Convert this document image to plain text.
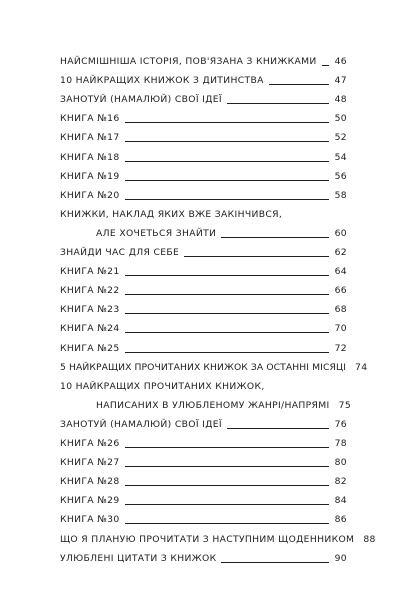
НАЙСМІШНІША ІСТОРІЯ, ПОВ'ЯЗАНА З КНИЖКАМИ 46
10 НАЙКРАЩИХ КНИЖОК З ДИТИНСТВА	47
ЗАНОТУЙ (НАМАЛЮЙ) СВОЇ ІДЕЇ	48
КНИГА №16	50
КНИГА №17	52
КНИГА №18	54
КНИГА №19	56
КНИГА №20	58
КНИЖКИ, НАКЛАД ЯКИХ ВЖЕ ЗАКІНЧИВСЯ,
АЛЕ ХОЧЕТЬСЯ ЗНАЙТИ	60
ЗНАЙДИ ЧАС ДЛЯ СЕБЕ	62
КНИГА №21	64
КНИГА №22	66
КНИГА №23	68
КНИГА №24	70
КНИГА №25	72
5 НАЙКРАЩИХ ПРОЧИТАНИХ КНИЖОК ЗА ОСТАННІ МІСЯЦІ 74
10 НАЙКРАЩИХ ПРОЧИТАНИХ КНИЖОК,
НАПИСАНИХ В УЛЮБЛЕНОМУ ЖАНРІ/НАПРЯМІ 75
ЗАНОТУЙ (НАМАЛЮЙ) СВОЇ ІДЕЇ	76
КНИГА №26	78
КНИГА №27	80
КНИГА №28	82
КНИГА №29	84
КНИГА №30	86
ЩО Я ПЛАНУЮ ПРОЧИТАТИ З НАСТУПНИМ ЩОДЕННИКОМ 88
УЛЮБЛЕНІ ЦИТАТИ З КНИЖОК	90
